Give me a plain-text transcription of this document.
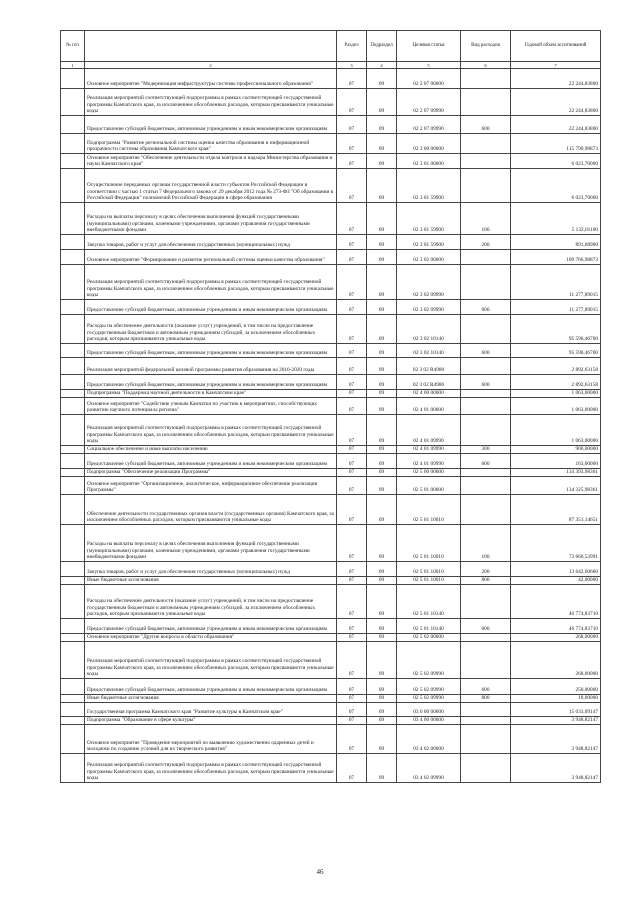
№ п/п		Раздел	Подраздел	Целевая статья	Вид расходов	Годовой объем ассигнований
1	2	3	4	5	6	7
	Основное мероприятие "Модернизация инфраструктуры системы профессионального образования"	07	09	02 2 07 00000		22 244,83800
	Реализация мероприятий соответствующей подпрограммы в рамках соответствующей государственной программы Камчатского края, за исключением обособленных расходов, которым присваиваются уникальные коды	07	09	02 2 07 09990		22 244,83800
	Предоставление субсидий бюджетным, автономным учреждениям и иным некоммерческим организациям	07	09	02 2 07 09990	600	22 244,83800
	Подпрограмма "Развитие региональной системы оценки качества образования и информационной прозрачности системы образования Камчатского края"	07	09	02 3 00 00000		115 790,98873
	Основное мероприятие "Обеспечение деятельности отдела контроля и надзора Министерства образования и науки Камчатского края"	07	09	02 3 01 00000		6 023,70000
	Осуществление переданных органам государственной власти субъектов Российской Федерации в соответствии с частью 1 статьи 7 Федерального закона от 29 декабря 2012 года № 273-ФЗ "Об образовании в Российской Федерации" полномочий Российской Федерации в сфере образования	07	09	02 3 01 59900		6 023,70000
	Расходы на выплаты персоналу в целях обеспечения выполнения функций государственными (муниципальными) органами, казенными учреждениями, органами управления государственными внебюджетными фондами	07	09	02 3 01 59900	100	5 132,01100
	Закупка товаров, работ и услуг для обеспечения государственных (муниципальных) нужд	07	09	02 3 01 59900	200	891,68900
	Основное мероприятие "Формирование и развитие региональной системы оценки качества образования"	07	09	02 3 02 00000		109 766,98873
	Реализация мероприятий соответствующей подпрограммы в рамках соответствующей государственной программы Камчатского края, за исключением обособленных расходов, которым присваиваются уникальные коды	07	09	02 3 02 09990		11 277,89015
	Предоставление субсидий бюджетным, автономным учреждениям и иным некоммерческим организациям	07	09	02 3 02 09990	600	11 277,89015
	Расходы на обеспечение деятельности (оказание услуг) учреждений, в том числе на предоставление государственным бюджетным и автономным учреждениям субсидий, за исключением обособленных расходов, которым присваиваются уникальные коды	07	09	02 3 02 10140		95 596,46700
	Предоставление субсидий бюджетным, автономным учреждениям и иным некоммерческим организациям	07	09	02 3 02 10140	600	95 596,46700
	Реализация мероприятий федеральной целевой программы развития образования на 2016-2020 годы	07	09	02 3 02 R4980		2 892,63158
	Предоставление субсидий бюджетным, автономным учреждениям и иным некоммерческим организациям	07	09	02 3 02 R4980	600	2 892,63158
	Подпрограмма "Поддержка научной деятельности в Камчатском крае"	07	09	02 4 00 00000		1 063,00000
	Основное мероприятие "Содействие ученым Камчатки по участию в мероприятиях, способствующих развитию научного потенциала региона"	07	09	02 4 01 00000		1 063,00000
	Реализация мероприятий соответствующей подпрограммы в рамках соответствующей государственной программы Камчатского края, за исключением обособленных расходов, которым присваиваются уникальные коды	07	09	02 4 01 09990		1 063,00000
	Социальное обеспечение и иные выплаты населению	07	09	02 4 01 09990	300	900,00000
	Предоставление субсидий бюджетным, автономным учреждениям и иным некоммерческим организациям	07	09	02 4 01 09990	600	163,00000
	Подпрограмма "Обеспечение реализации Программы"	07	09	02 5 00 00000		134 393,98361
	Основное мероприятие "Организационное, аналитическое, информационное обеспечение реализации Программы"	07	09	02 5 01 00000		134 325,98361
	Обеспечение деятельности государственных органов власти (государственных органов) Камчатского края, за исключением обособленных расходов, которым присваиваются уникальные коды	07	09	02 5 01 10010		87 351,14651
	Расходы на выплаты персоналу в целях обеспечения выполнения функций государственными (муниципальными) органами, казенными учреждениями, органами управления государственными внебюджетными фондами	07	09	02 5 01 10010	100	73 666,53991
	Закупка товаров, работ и услуг для обеспечения государственных (муниципальных) нужд	07	09	02 5 01 10010	200	13 642,60660
	Иные бюджетные ассигнования	07	09	02 5 01 10010	800	42,00000
	Расходы на обеспечение деятельности (оказание услуг) учреждений, в том числе на предоставление государственным бюджетным и автономным учреждениям субсидий, за исключением обособленных расходов, которым присваиваются уникальные коды	07	09	02 5 01 10140		46 774,83710
	Предоставление субсидий бюджетным, автономным учреждениям и иным некоммерческим организациям	07	09	02 5 01 10140	600	46 774,83710
	Основное мероприятие "Другие вопросы в области образования"	07	09	02 5 02 00000		268,00000
	Реализация мероприятий соответствующей подпрограммы в рамках соответствующей государственной программы Камчатского края, за исключением обособленных расходов, которым присваиваются уникальные коды	07	09	02 5 02 09990		268,00000
	Предоставление субсидий бюджетным, автономным учреждениям и иным некоммерческим организациям	07	09	02 5 02 09990	600	250,00000
	Иные бюджетные ассигнования	07	09	02 5 02 09990	800	18,00000
	Государственная программа Камчатского края "Развитие культуры в Камчатском крае"	07	09	03 0 00 00000		15 033,09147
	Подпрограмма "Образование в сфере культуры"	07	09	03 4 00 00000		3 948,82147
	Основное мероприятие "Проведение мероприятий по выявлению художественно одаренных детей и молодежи по созданию условий для их творческого развития"	07	09	03 4 02 00000		3 948,82147
	Реализация мероприятий соответствующей подпрограммы в рамках соответствующей государственной программы Камчатского края, за исключением обособленных расходов, которым присваиваются уникальные коды	07	09	03 4 02 09990		3 948,82147
46
